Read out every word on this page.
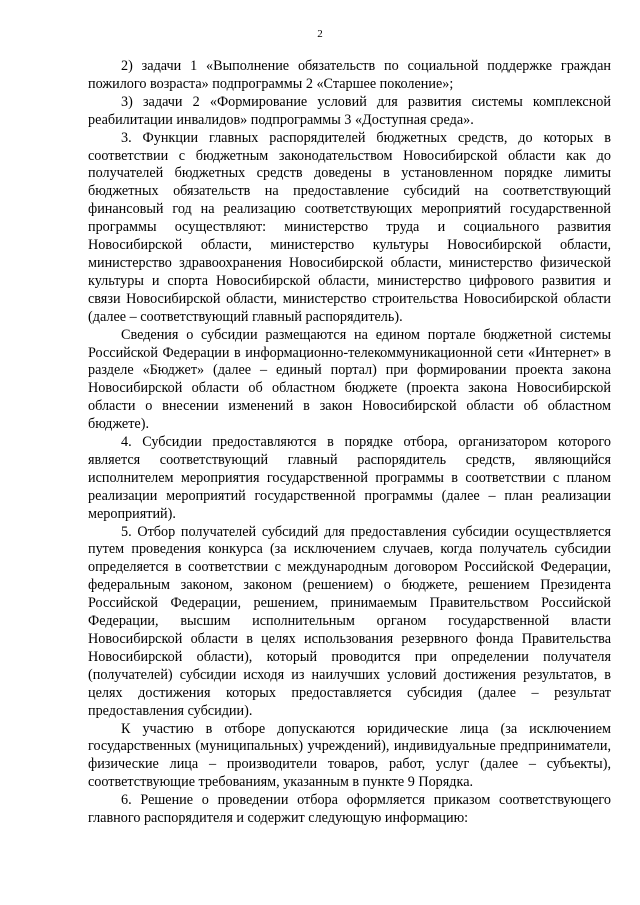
2

2) задачи 1 «Выполнение обязательств по социальной поддержке граждан пожилого возраста» подпрограммы 2 «Старшее поколение»;

3) задачи 2 «Формирование условий для развития системы комплексной реабилитации инвалидов» подпрограммы 3 «Доступная среда».

3. Функции главных распорядителей бюджетных средств, до которых в соответствии с бюджетным законодательством Новосибирской области как до получателей бюджетных средств доведены в установленном порядке лимиты бюджетных обязательств на предоставление субсидий на соответствующий финансовый год на реализацию соответствующих мероприятий государственной программы осуществляют: министерство труда и социального развития Новосибирской области, министерство культуры Новосибирской области, министерство здравоохранения Новосибирской области, министерство физической культуры и спорта Новосибирской области, министерство цифрового развития и связи Новосибирской области, министерство строительства Новосибирской области (далее – соответствующий главный распорядитель).

Сведения о субсидии размещаются на едином портале бюджетной системы Российской Федерации в информационно-телекоммуникационной сети «Интернет» в разделе «Бюджет» (далее – единый портал) при формировании проекта закона Новосибирской области об областном бюджете (проекта закона Новосибирской области о внесении изменений в закон Новосибирской области об областном бюджете).

4. Субсидии предоставляются в порядке отбора, организатором которого является соответствующий главный распорядитель средств, являющийся исполнителем мероприятия государственной программы в соответствии с планом реализации мероприятий государственной программы (далее – план реализации мероприятий).

5. Отбор получателей субсидий для предоставления субсидии осуществляется путем проведения конкурса (за исключением случаев, когда получатель субсидии определяется в соответствии с международным договором Российской Федерации, федеральным законом, законом (решением) о бюджете, решением Президента Российской Федерации, решением, принимаемым Правительством Российской Федерации, высшим исполнительным органом государственной власти Новосибирской области в целях использования резервного фонда Правительства Новосибирской области), который проводится при определении получателя (получателей) субсидии исходя из наилучших условий достижения результатов, в целях достижения которых предоставляется субсидия (далее – результат предоставления субсидии).

К участию в отборе допускаются юридические лица (за исключением государственных (муниципальных) учреждений), индивидуальные предприниматели, физические лица – производители товаров, работ, услуг (далее – субъекты), соответствующие требованиям, указанным в пункте 9 Порядка.

6. Решение о проведении отбора оформляется приказом соответствующего главного распорядителя и содержит следующую информацию:
